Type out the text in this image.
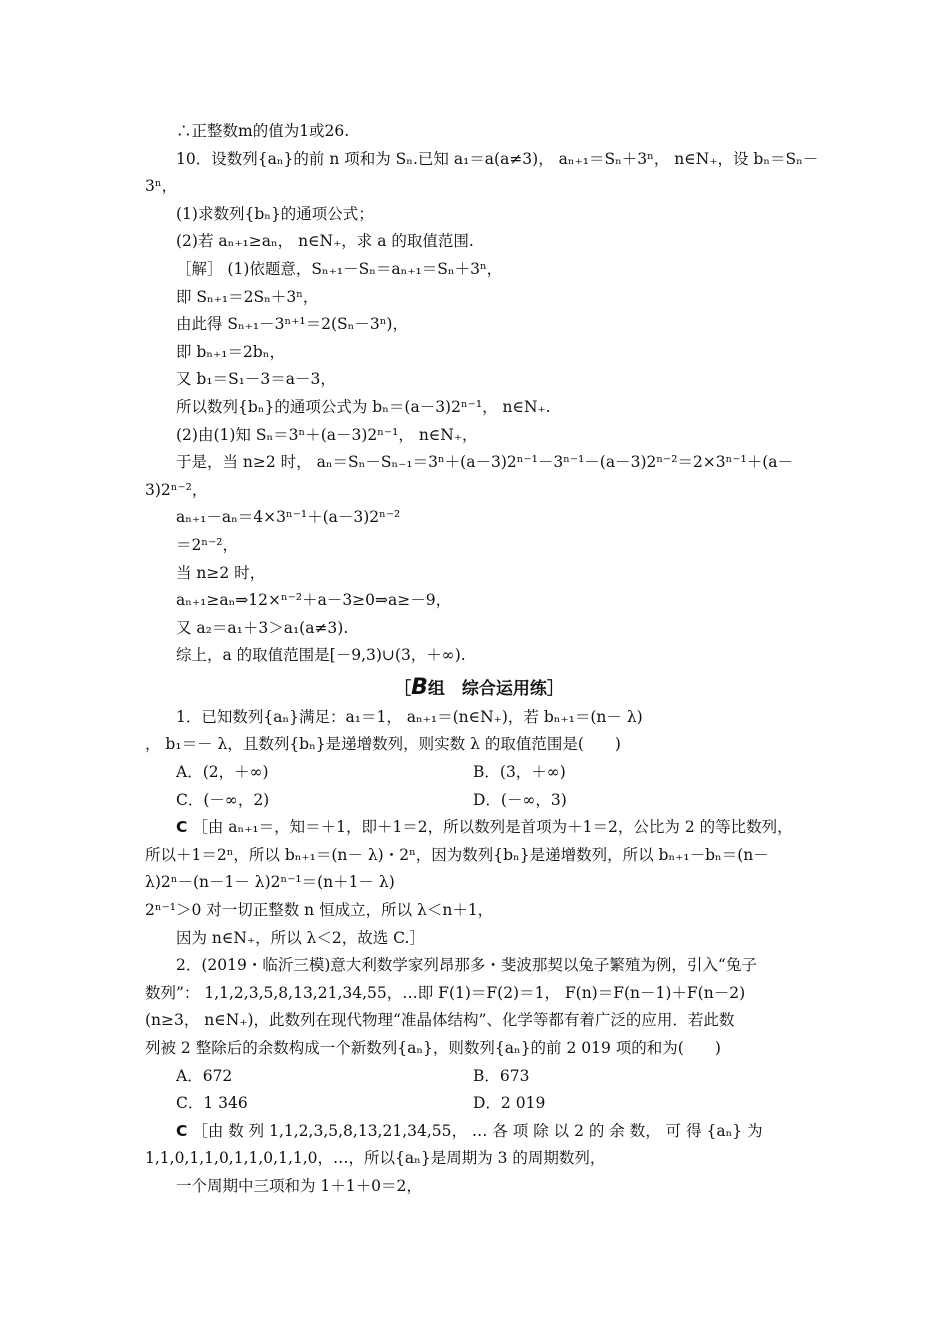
∴正整数m的值为1或26.
10．设数列{aₙ}的前 n 项和为 Sₙ.已知 a₁＝a(a≠3)， aₙ₊₁＝Sₙ＋3ⁿ， n∈N₊，设 bₙ＝Sₙ－
3ⁿ，
(1)求数列{bₙ}的通项公式；
(2)若 aₙ₊₁≥aₙ， n∈N₊，求 a 的取值范围.
［解］ (1)依题意，Sₙ₊₁－Sₙ＝aₙ₊₁＝Sₙ＋3ⁿ，
即 Sₙ₊₁＝2Sₙ＋3ⁿ，
由此得 Sₙ₊₁－3ⁿ⁺¹＝2(Sₙ－3ⁿ)，
即 bₙ₊₁＝2bₙ，
又 b₁＝S₁－3＝a－3，
所以数列{bₙ}的通项公式为 bₙ＝(a－3)2ⁿ⁻¹， n∈N₊.
(2)由(1)知 Sₙ＝3ⁿ＋(a－3)2ⁿ⁻¹， n∈N₊，
于是，当 n≥2 时， aₙ＝Sₙ－Sₙ₋₁＝3ⁿ＋(a－3)2ⁿ⁻¹－3ⁿ⁻¹－(a－3)2ⁿ⁻²＝2×3ⁿ⁻¹＋(a－
3)2ⁿ⁻²，
aₙ₊₁－aₙ＝4×3ⁿ⁻¹＋(a－3)2ⁿ⁻²
＝2ⁿ⁻²，
当 n≥2 时，
aₙ₊₁≥aₙ⇒12×ⁿ⁻²＋a－3≥0⇒a≥－9，
又 a₂＝a₁＋3＞a₁(a≠3).
综上，a 的取值范围是[－9,3)∪(3，＋∞).
［B组　综合运用练］
1．已知数列{aₙ}满足：a₁＝1， aₙ₊₁＝(n∈N₊)，若 bₙ₊₁＝(n－ λ)
， b₁＝－ λ，且数列{bₙ}是递增数列，则实数 λ 的取值范围是(　　)
A．(2，＋∞)	B．(3，＋∞)
C．(－∞，2)	D．(－∞，3)
C ［由 aₙ₊₁＝，知＝＋1，即＋1＝2，所以数列是首项为＋1＝2，公比为 2 的等比数列，
所以＋1＝2ⁿ，所以 bₙ₊₁＝(n－ λ)・2ⁿ，因为数列{bₙ}是递增数列，所以 bₙ₊₁－bₙ＝(n－
λ)2ⁿ－(n－1－ λ)2ⁿ⁻¹＝(n＋1－ λ)
2ⁿ⁻¹＞0 对一切正整数 n 恒成立，所以 λ＜n＋1，
因为 n∈N₊，所以 λ＜2，故选 C.］
2．(2019・临沂三模)意大利数学家列昂那多・斐波那契以兔子繁殖为例，引入“兔子
数列”： 1,1,2,3,5,8,13,21,34,55，…即 F(1)＝F(2)＝1， F(n)＝F(n－1)＋F(n－2)
(n≥3， n∈N₊)，此数列在现代物理“准晶体结构”、化学等都有着广泛的应用．若此数
列被 2 整除后的余数构成一个新数列{aₙ}，则数列{aₙ}的前 2 019 项的和为(　　)
A．672	B．673
C．1 346	D．2 019
C ［由 数 列 1,1,2,3,5,8,13,21,34,55， … 各 项 除 以 2 的 余 数， 可 得 {aₙ} 为
1,1,0,1,1,0,1,1,0,1,1,0，…，所以{aₙ}是周期为 3 的周期数列，
一个周期中三项和为 1＋1＋0＝2，
